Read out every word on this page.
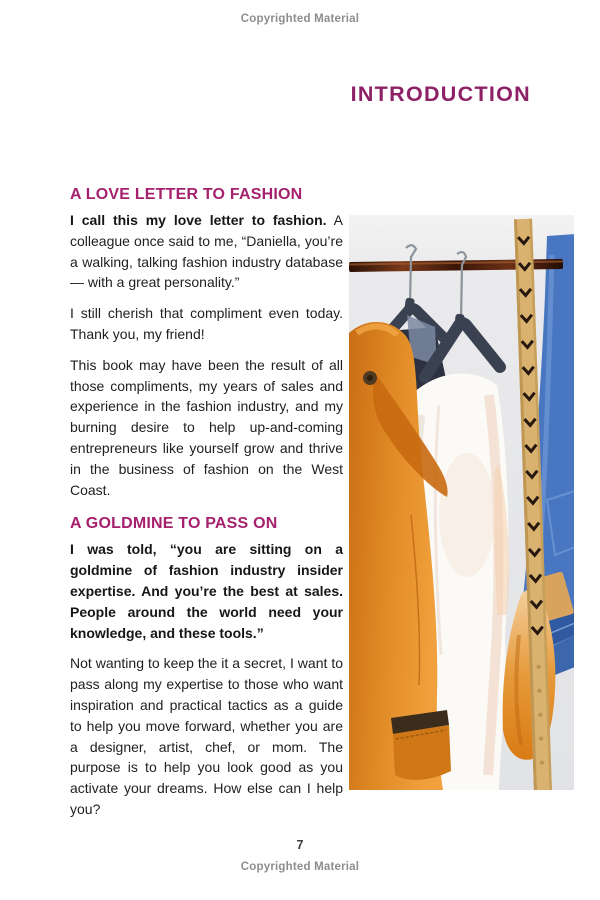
Copyrighted Material
INTRODUCTION
A LOVE LETTER TO FASHION

I call this my love letter to fashion. A colleague once said to me, “Daniella, you’re a walking, talking fashion industry database— with a great personality.”

I still cherish that compliment even today. Thank you, my friend!

This book may have been the result of all those compliments, my years of sales and experience in the fashion industry, and my burning desire to help up-and-coming entrepreneurs like yourself grow and thrive in the business of fashion on the West Coast.

A GOLDMINE TO PASS ON

I was told, “you are sitting on a goldmine of fashion industry insider expertise. And you’re the best at sales. People around the world need your knowledge, and these tools.”

Not wanting to keep the it a secret, I want to pass along my expertise to those who want inspiration and practical tactics as a guide to help you move forward, whether you are a designer, artist, chef, or mom. The purpose is to help you look good as you activate your dreams. How else can I help you?

7
Copyrighted Material
